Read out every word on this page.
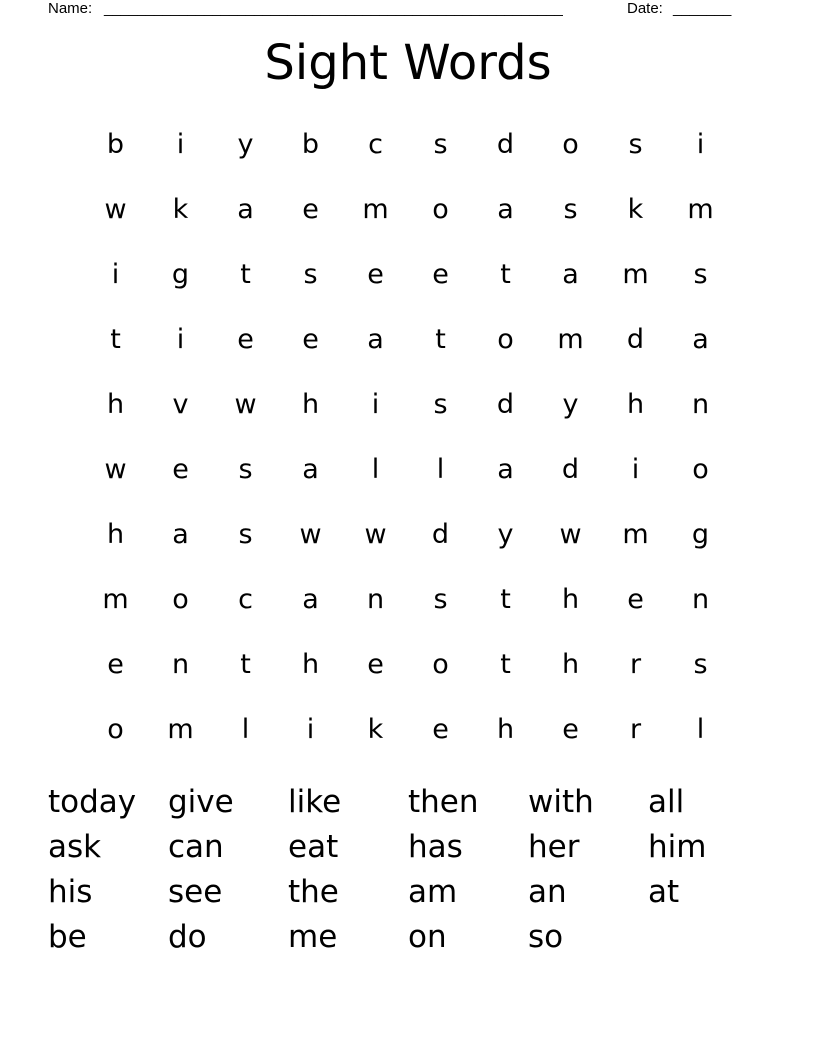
Name: _______________________________________________________	Date: _______
Sight Words
b	i	y	b	c	s	d	o	s	i
w	k	a	e	m	o	a	s	k	m
i	g	t	s	e	e	t	a	m	s
t	i	e	e	a	t	o	m	d	a
h	v	w	h	i	s	d	y	h	n
w	e	s	a	l	l	a	d	i	o
h	a	s	w	w	d	y	w	m	g
m	o	c	a	n	s	t	h	e	n
e	n	t	h	e	o	t	h	r	s
o	m	l	i	k	e	h	e	r	l
today	give	like	then	with	all
ask	can	eat	has	her	him
his	see	the	am	an	at
be	do	me	on	so
